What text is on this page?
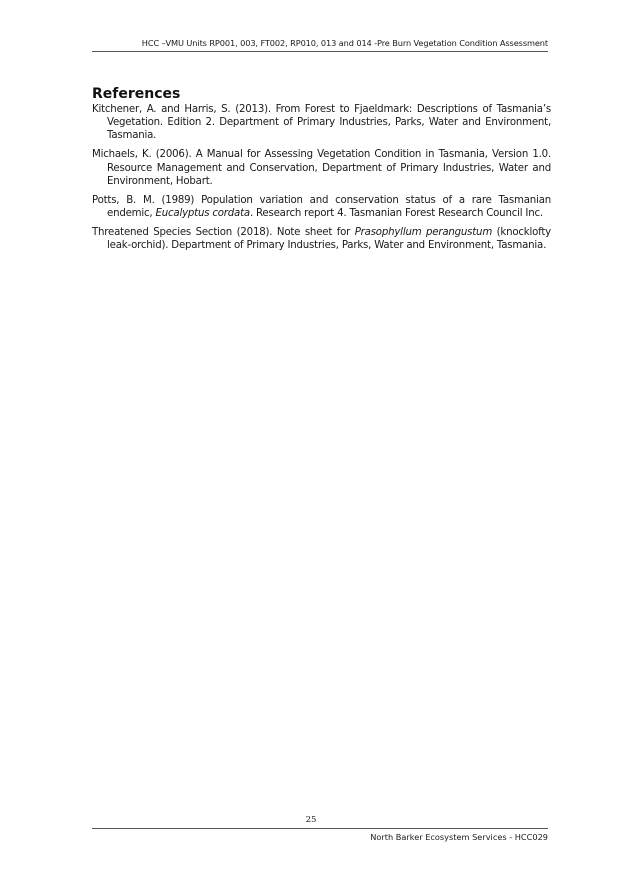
HCC –VMU Units RP001, 003, FT002, RP010, 013 and 014 -Pre Burn Vegetation Condition Assessment
References

Kitchener, A. and Harris, S. (2013). From Forest to Fjaeldmark: Descriptions of Tasmania’s Vegetation. Edition 2. Department of Primary Industries, Parks, Water and Environment, Tasmania.

Michaels, K. (2006). A Manual for Assessing Vegetation Condition in Tasmania, Version 1.0. Resource Management and Conservation, Department of Primary Industries, Water and Environment, Hobart.

Potts, B. M. (1989) Population variation and conservation status of a rare Tasmanian endemic, Eucalyptus cordata. Research report 4. Tasmanian Forest Research Council Inc.

Threatened Species Section (2018). Note sheet for Prasophyllum perangustum (knocklofty leak-orchid). Department of Primary Industries, Parks, Water and Environment, Tasmania.

25
North Barker Ecosystem Services - HCC029
